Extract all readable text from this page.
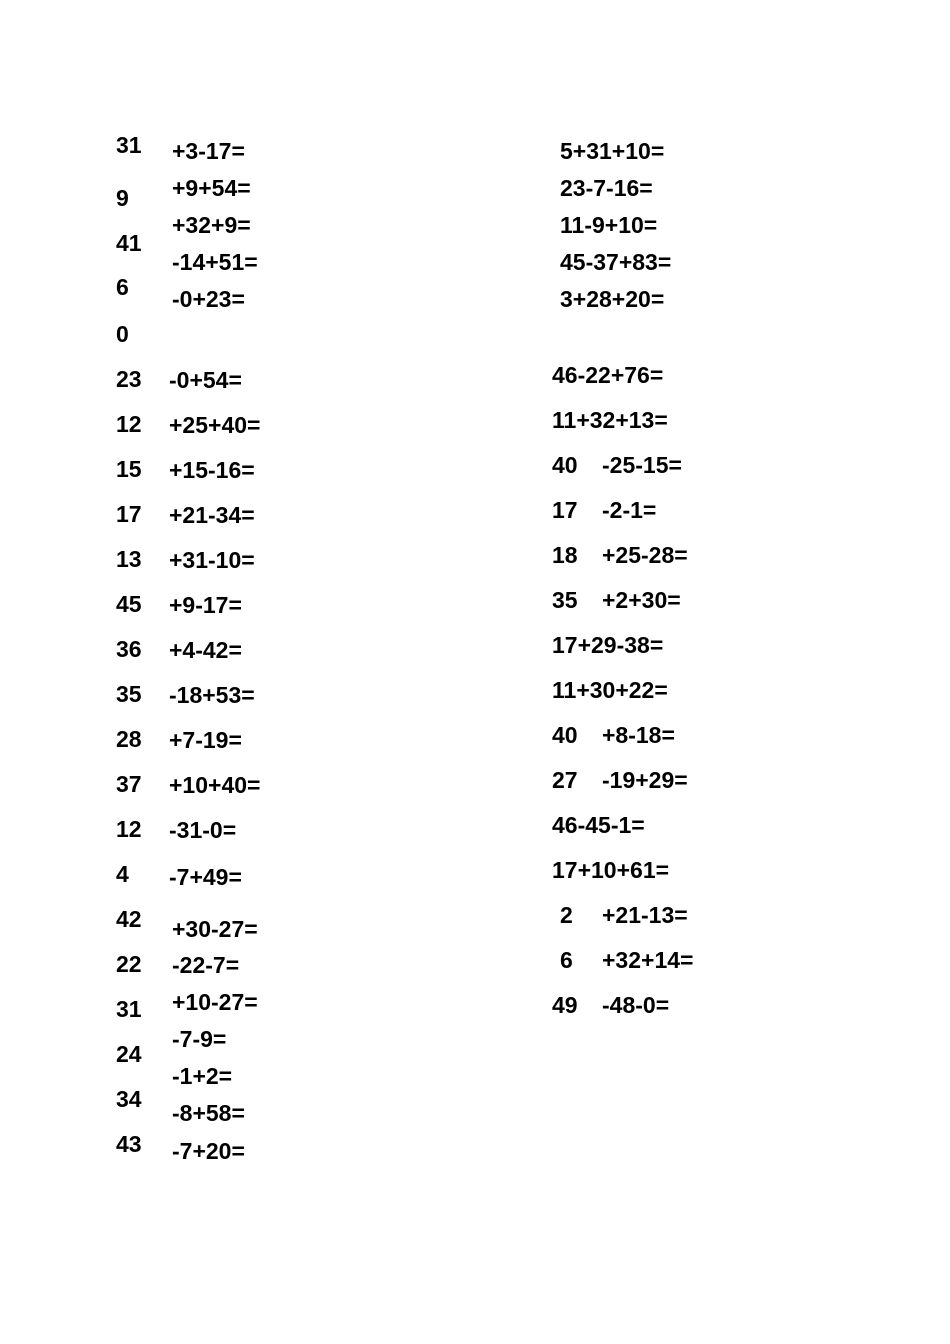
31
9
41
6
0
+3-17=
+9+54=
+32+9=
-14+51=
-0+23=
23
12
15
17
13
45
36
35
28
37
12
4
-0+54=
+25+40=
+15-16=
+21-34=
+31-10=
+9-17=
+4-42=
-18+53=
+7-19=
+10+40=
-31-0=
-7+49=
42
22
31
24
34
43
+30-27=
-22-7=
+10-27=
-7-9=
-1+2=
-8+58=
-7+20=
5+31+10=
23-7-16=
11-9+10=
45-37+83=
3+28+20=
46-22+76=
11+32+13=
40 -25-15=
17 -2-1=
18 +25-28=
35 +2+30=
17+29-38=
11+30+22=
40 +8-18=
27 -19+29=
46-45-1=
17+10+61=
2 +21-13=
6 +32+14=
49 -48-0=
